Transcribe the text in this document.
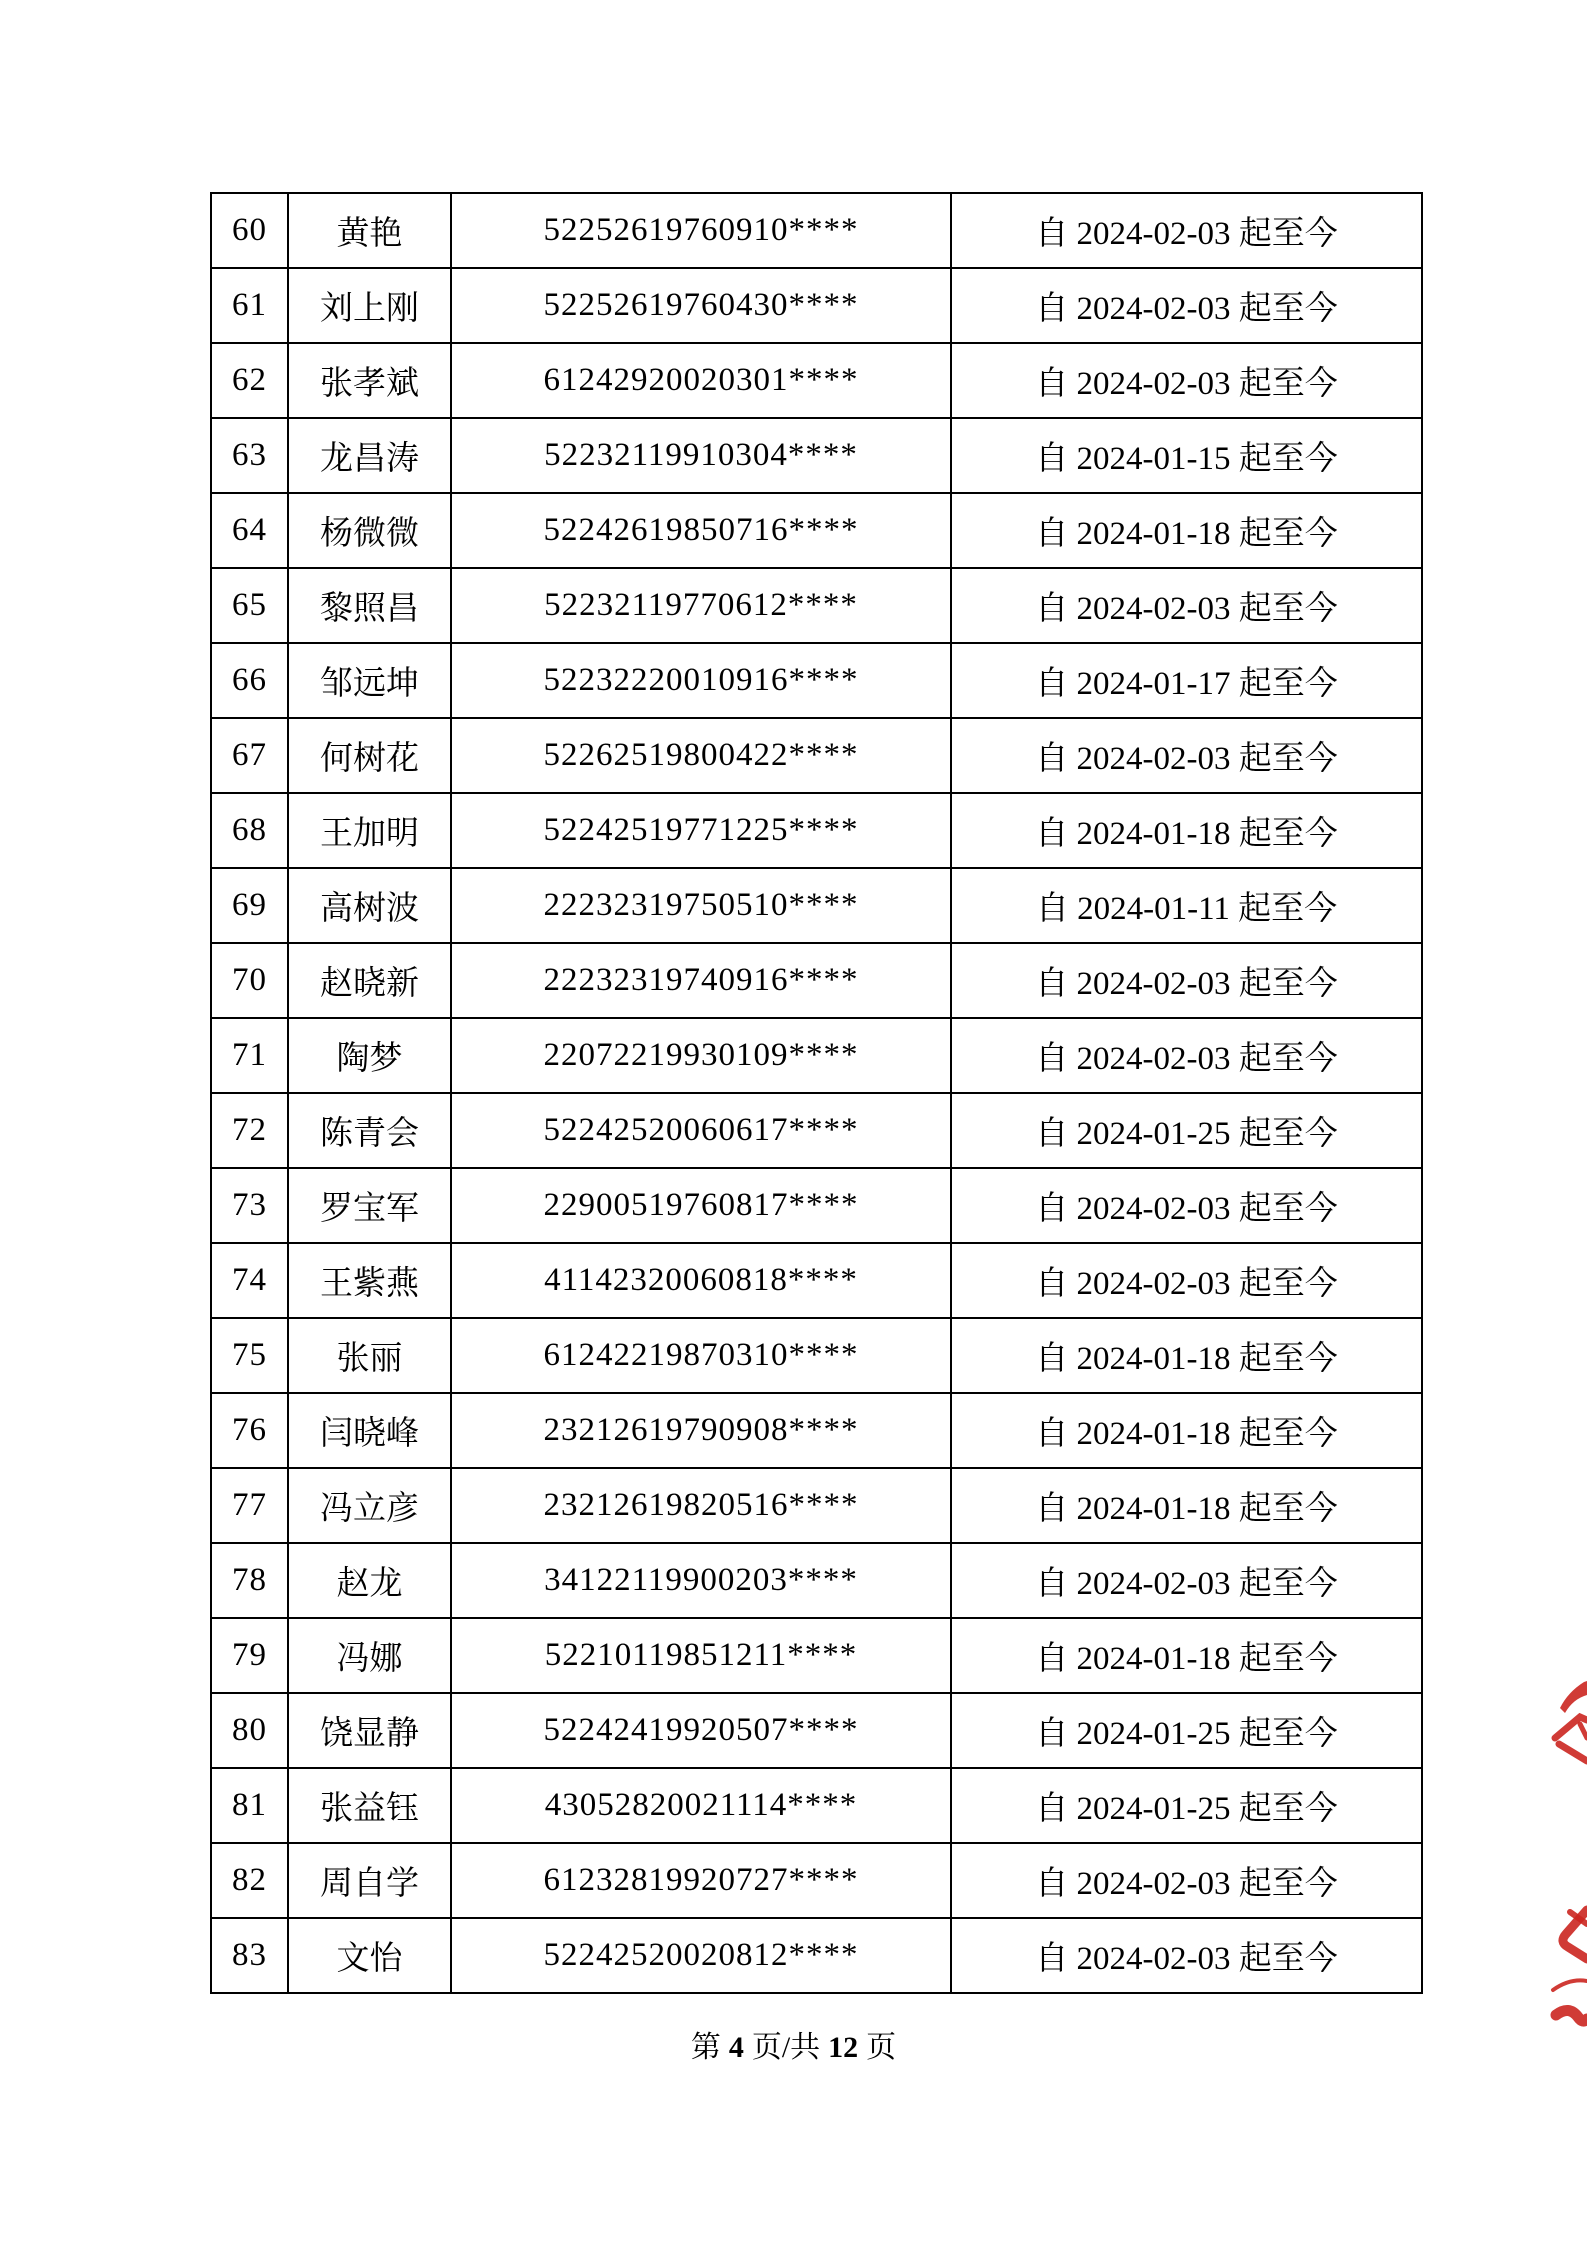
60	黄艳	52252619760910****	自 2024-02-03 起至今
61	刘上刚	52252619760430****	自 2024-02-03 起至今
62	张孝斌	61242920020301****	自 2024-02-03 起至今
63	龙昌涛	52232119910304****	自 2024-01-15 起至今
64	杨微微	52242619850716****	自 2024-01-18 起至今
65	黎照昌	52232119770612****	自 2024-02-03 起至今
66	邹远坤	52232220010916****	自 2024-01-17 起至今
67	何树花	52262519800422****	自 2024-02-03 起至今
68	王加明	52242519771225****	自 2024-01-18 起至今
69	高树波	22232319750510****	自 2024-01-11 起至今
70	赵晓新	22232319740916****	自 2024-02-03 起至今
71	陶梦	22072219930109****	自 2024-02-03 起至今
72	陈青会	52242520060617****	自 2024-01-25 起至今
73	罗宝军	22900519760817****	自 2024-02-03 起至今
74	王紫燕	41142320060818****	自 2024-02-03 起至今
75	张丽	61242219870310****	自 2024-01-18 起至今
76	闫晓峰	23212619790908****	自 2024-01-18 起至今
77	冯立彦	23212619820516****	自 2024-01-18 起至今
78	赵龙	34122119900203****	自 2024-02-03 起至今
79	冯娜	52210119851211****	自 2024-01-18 起至今
80	饶显静	52242419920507****	自 2024-01-25 起至今
81	张益钰	43052820021114****	自 2024-01-25 起至今
82	周自学	61232819920727****	自 2024-02-03 起至今
83	文怡	52242520020812****	自 2024-02-03 起至今
第 4 页/共 12 页
